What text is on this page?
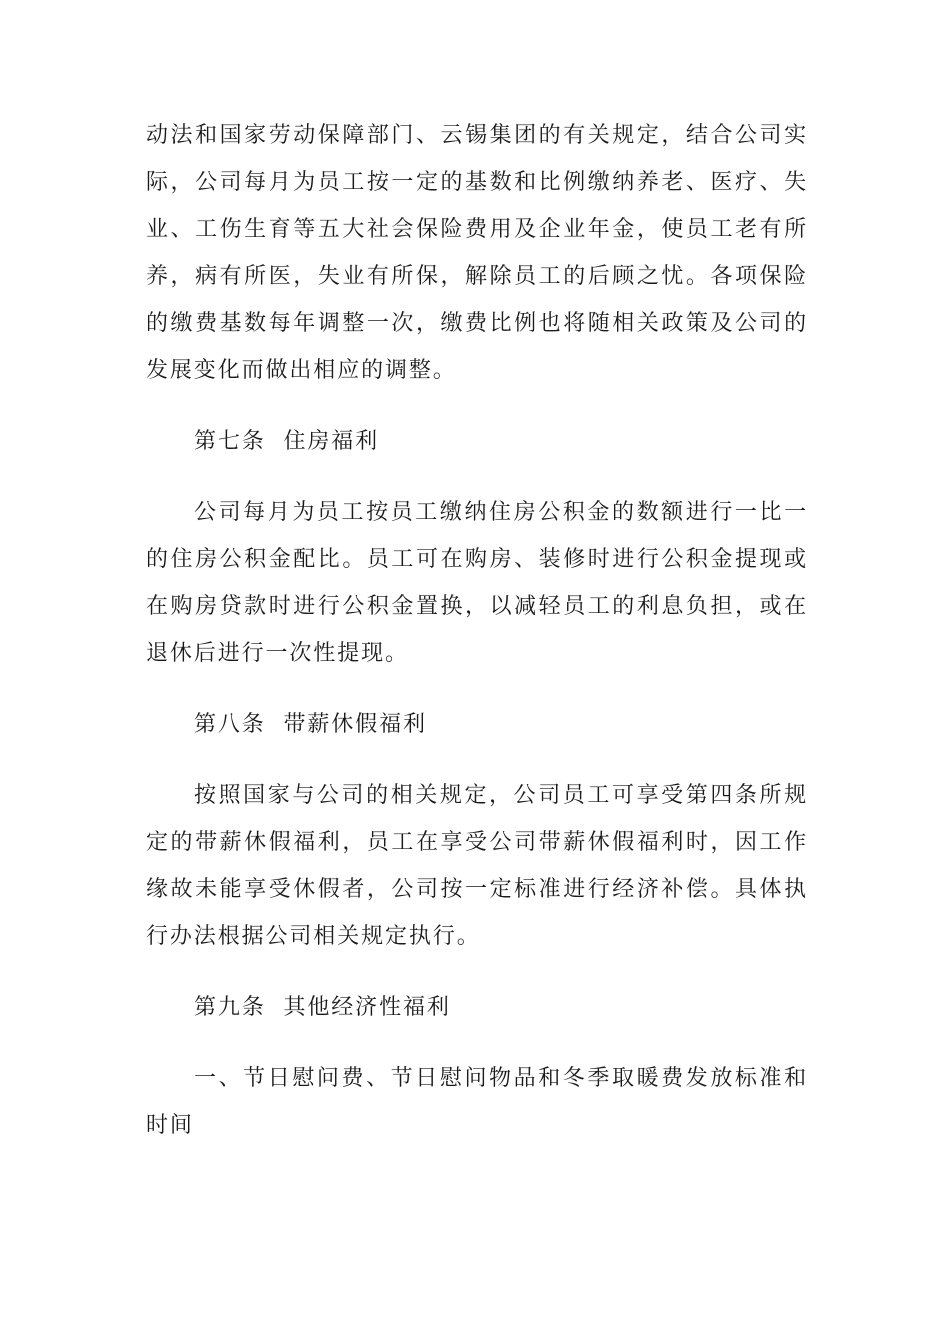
动法和国家劳动保障部门、云锡集团的有关规定，结合公司实际，公司每月为员工按一定的基数和比例缴纳养老、医疗、失业、工伤生育等五大社会保险费用及企业年金，使员工老有所养，病有所医，失业有所保，解除员工的后顾之忧。各项保险的缴费基数每年调整一次，缴费比例也将随相关政策及公司的发展变化而做出相应的调整。

第七条  住房福利

公司每月为员工按员工缴纳住房公积金的数额进行一比一的住房公积金配比。员工可在购房、装修时进行公积金提现或在购房贷款时进行公积金置换，以减轻员工的利息负担，或在退休后进行一次性提现。

第八条  带薪休假福利

按照国家与公司的相关规定，公司员工可享受第四条所规定的带薪休假福利，员工在享受公司带薪休假福利时，因工作缘故未能享受休假者，公司按一定标准进行经济补偿。具体执行办法根据公司相关规定执行。

第九条  其他经济性福利

一、节日慰问费、节日慰问物品和冬季取暖费发放标准和时间
